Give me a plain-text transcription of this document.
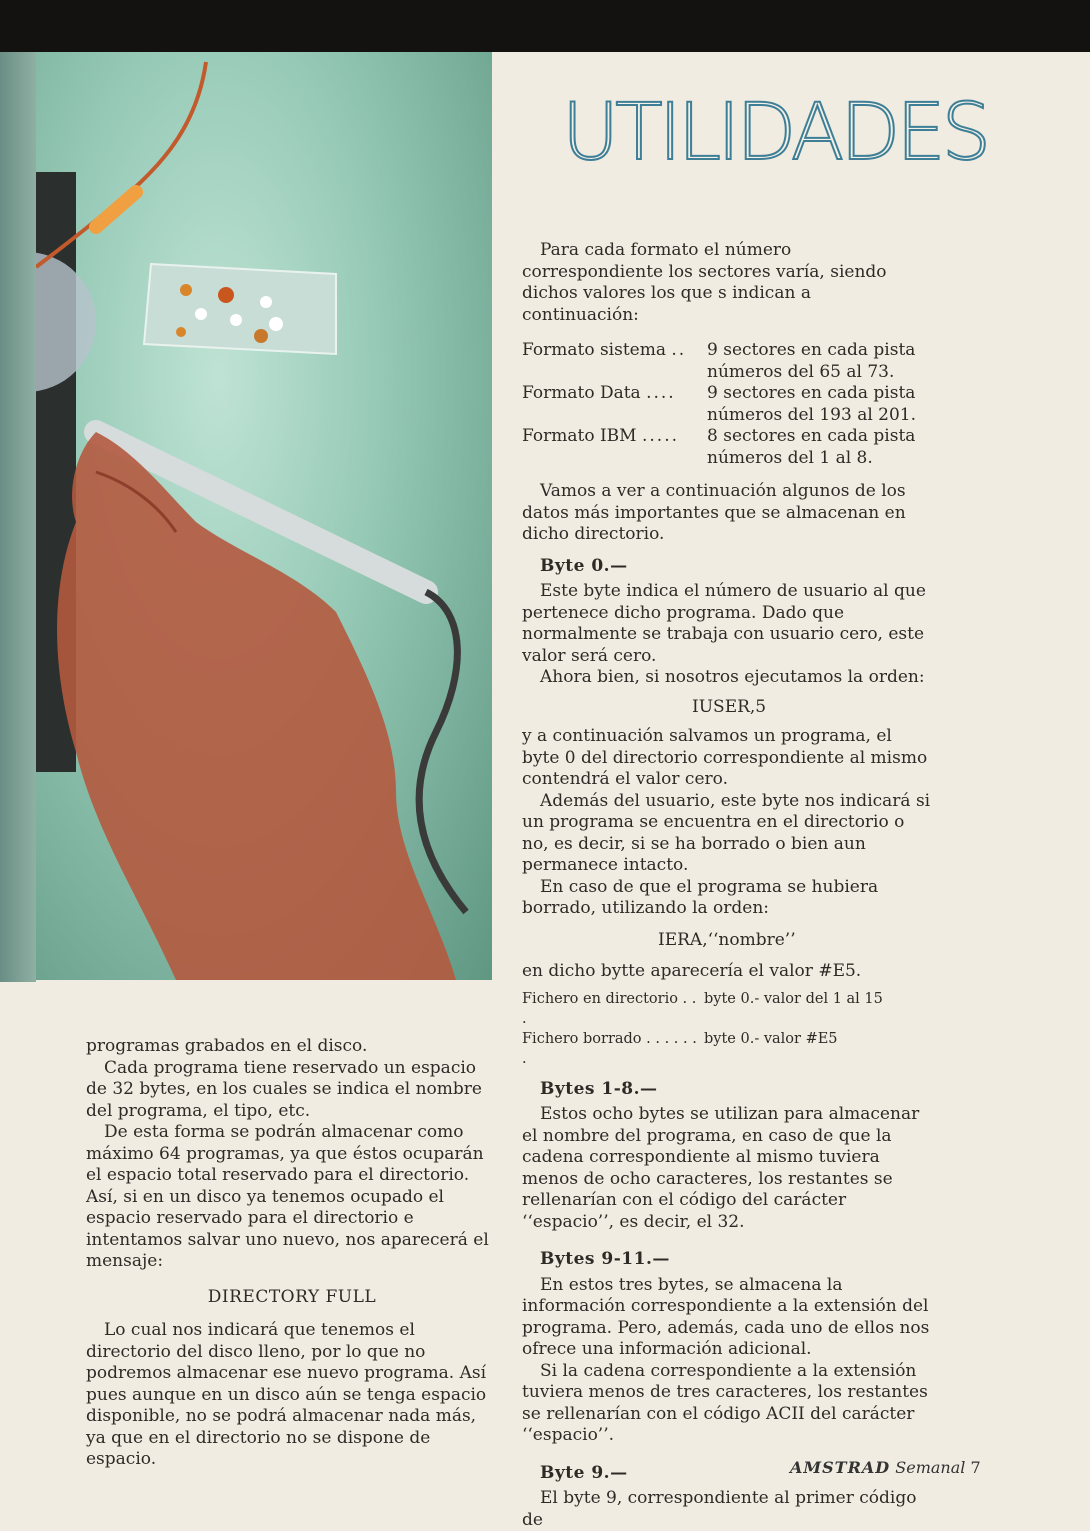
UTILIDADES

Para cada formato el número correspondiente los sectores varía, siendo dichos valores los que s indican a continuación:

Formato sistema ..	9 sectores en cada pista
números del 65 al 73.
Formato Data ....	9 sectores en cada pista
números del 193 al 201.
Formato IBM .....	8 sectores en cada pista
números del 1 al 8.

Vamos a ver a continuación algunos de los datos más importantes que se almacenan en dicho directorio.

Byte 0.—

Este byte indica el número de usuario al que pertenece dicho programa. Dado que normalmente se trabaja con usuario cero, este valor será cero.

Ahora bien, si nosotros ejecutamos la orden:

IUSER,5

y a continuación salvamos un programa, el byte 0 del directorio correspondiente al mismo contendrá el valor cero.

Además del usuario, este byte nos indicará si un programa se encuentra en el directorio o no, es decir, si se ha borrado o bien aun permanece intacto.

En caso de que el programa se hubiera borrado, utilizando la orden:

IERA,‘‘nombre’’

en dicho bytte aparecería el valor #E5.

Fichero en directorio . . .
byte 0.- valor del 1 al 15
Fichero borrado . . . . . . .
byte 0.- valor #E5
Bytes 1-8.—

Estos ocho bytes se utilizan para almacenar el nombre del programa, en caso de que la cadena correspondiente al mismo tuviera menos de ocho caracteres, los restantes se rellenarían con el código del carácter ‘‘espacio’’, es decir, el 32.

Bytes 9-11.—

En estos tres bytes, se almacena la información correspondiente a la extensión del programa. Pero, además, cada uno de ellos nos ofrece una información adicional.

Si la cadena correspondiente a la extensión tuviera menos de tres caracteres, los restantes se rellenarían con el código ACII del carácter ‘‘espacio’’.

Byte 9.—

El byte 9, correspondiente al primer código de

programas grabados en el disco.

Cada programa tiene reservado un espacio de 32 bytes, en los cuales se indica el nombre del programa, el tipo, etc.

De esta forma se podrán almacenar como máximo 64 programas, ya que éstos ocuparán el espacio total reservado para el directorio. Así, si en un disco ya tenemos ocupado el espacio reservado para el directorio e intentamos salvar uno nuevo, nos aparecerá el mensaje:

DIRECTORY FULL

Lo cual nos indicará que tenemos el directorio del disco lleno, por lo que no podremos almacenar ese nuevo programa. Así pues aunque en un disco aún se tenga espacio disponible, no se podrá almacenar nada más, ya que en el directorio no se dispone de espacio.	AMSTRAD Semanal 7
